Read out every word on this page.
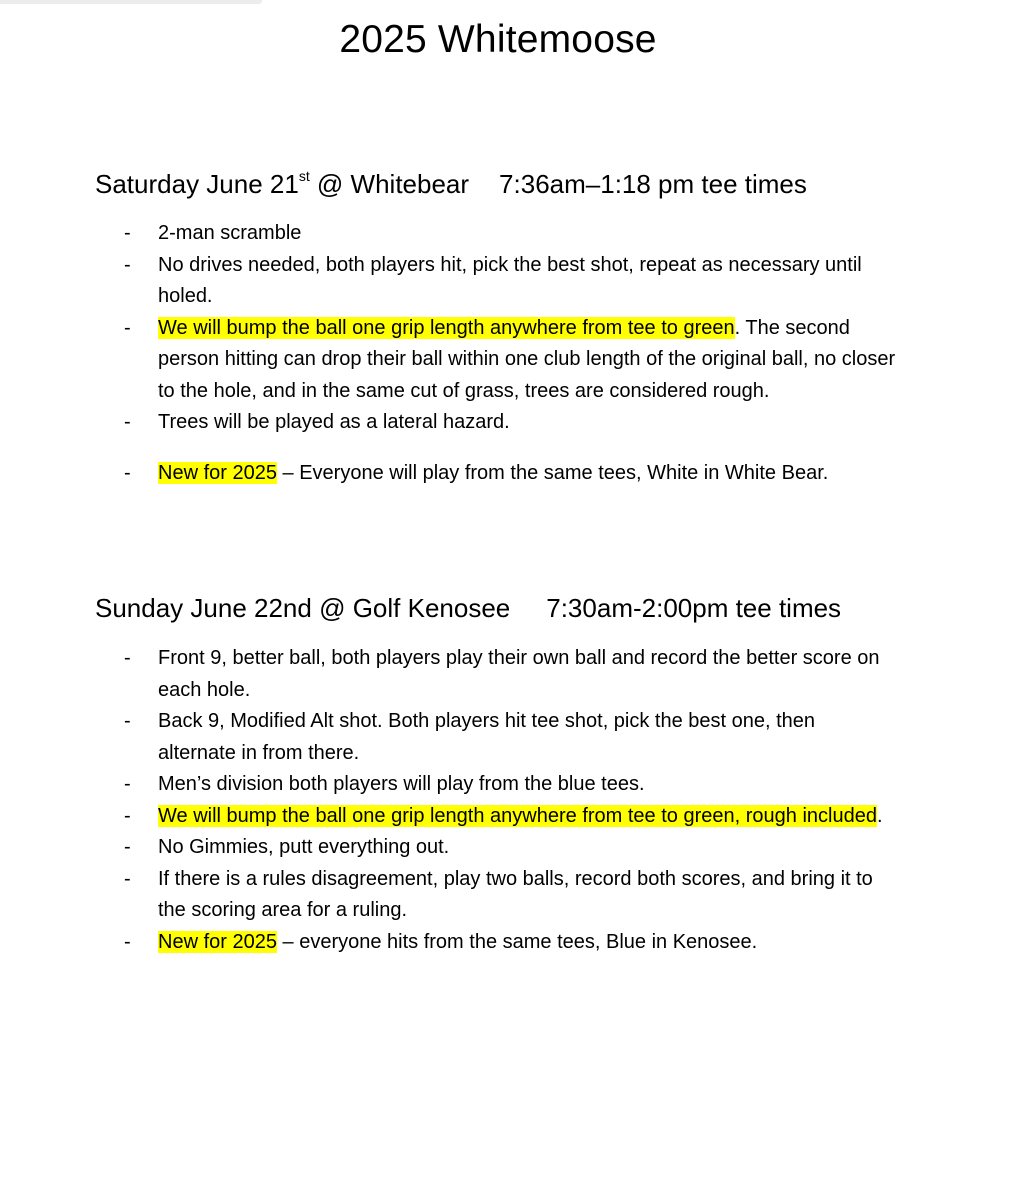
2025 Whitemoose
Saturday June 21st @ Whitebear 7:36am–1:18 pm tee times
- 2-man scramble
- No drives needed, both players hit, pick the best shot, repeat as necessary until holed.
- We will bump the ball one grip length anywhere from tee to green. The second person hitting can drop their ball within one club length of the original ball, no closer to the hole, and in the same cut of grass, trees are considered rough.
- Trees will be played as a lateral hazard.
- New for 2025 – Everyone will play from the same tees, White in White Bear.
Sunday June 22nd @ Golf Kenosee 7:30am-2:00pm tee times
- Front 9, better ball, both players play their own ball and record the better score on each hole.
- Back 9, Modified Alt shot. Both players hit tee shot, pick the best one, then alternate in from there.
- Men’s division both players will play from the blue tees.
- We will bump the ball one grip length anywhere from tee to green, rough included.
- No Gimmies, putt everything out.
- If there is a rules disagreement, play two balls, record both scores, and bring it to the scoring area for a ruling.
- New for 2025 – everyone hits from the same tees, Blue in Kenosee.
